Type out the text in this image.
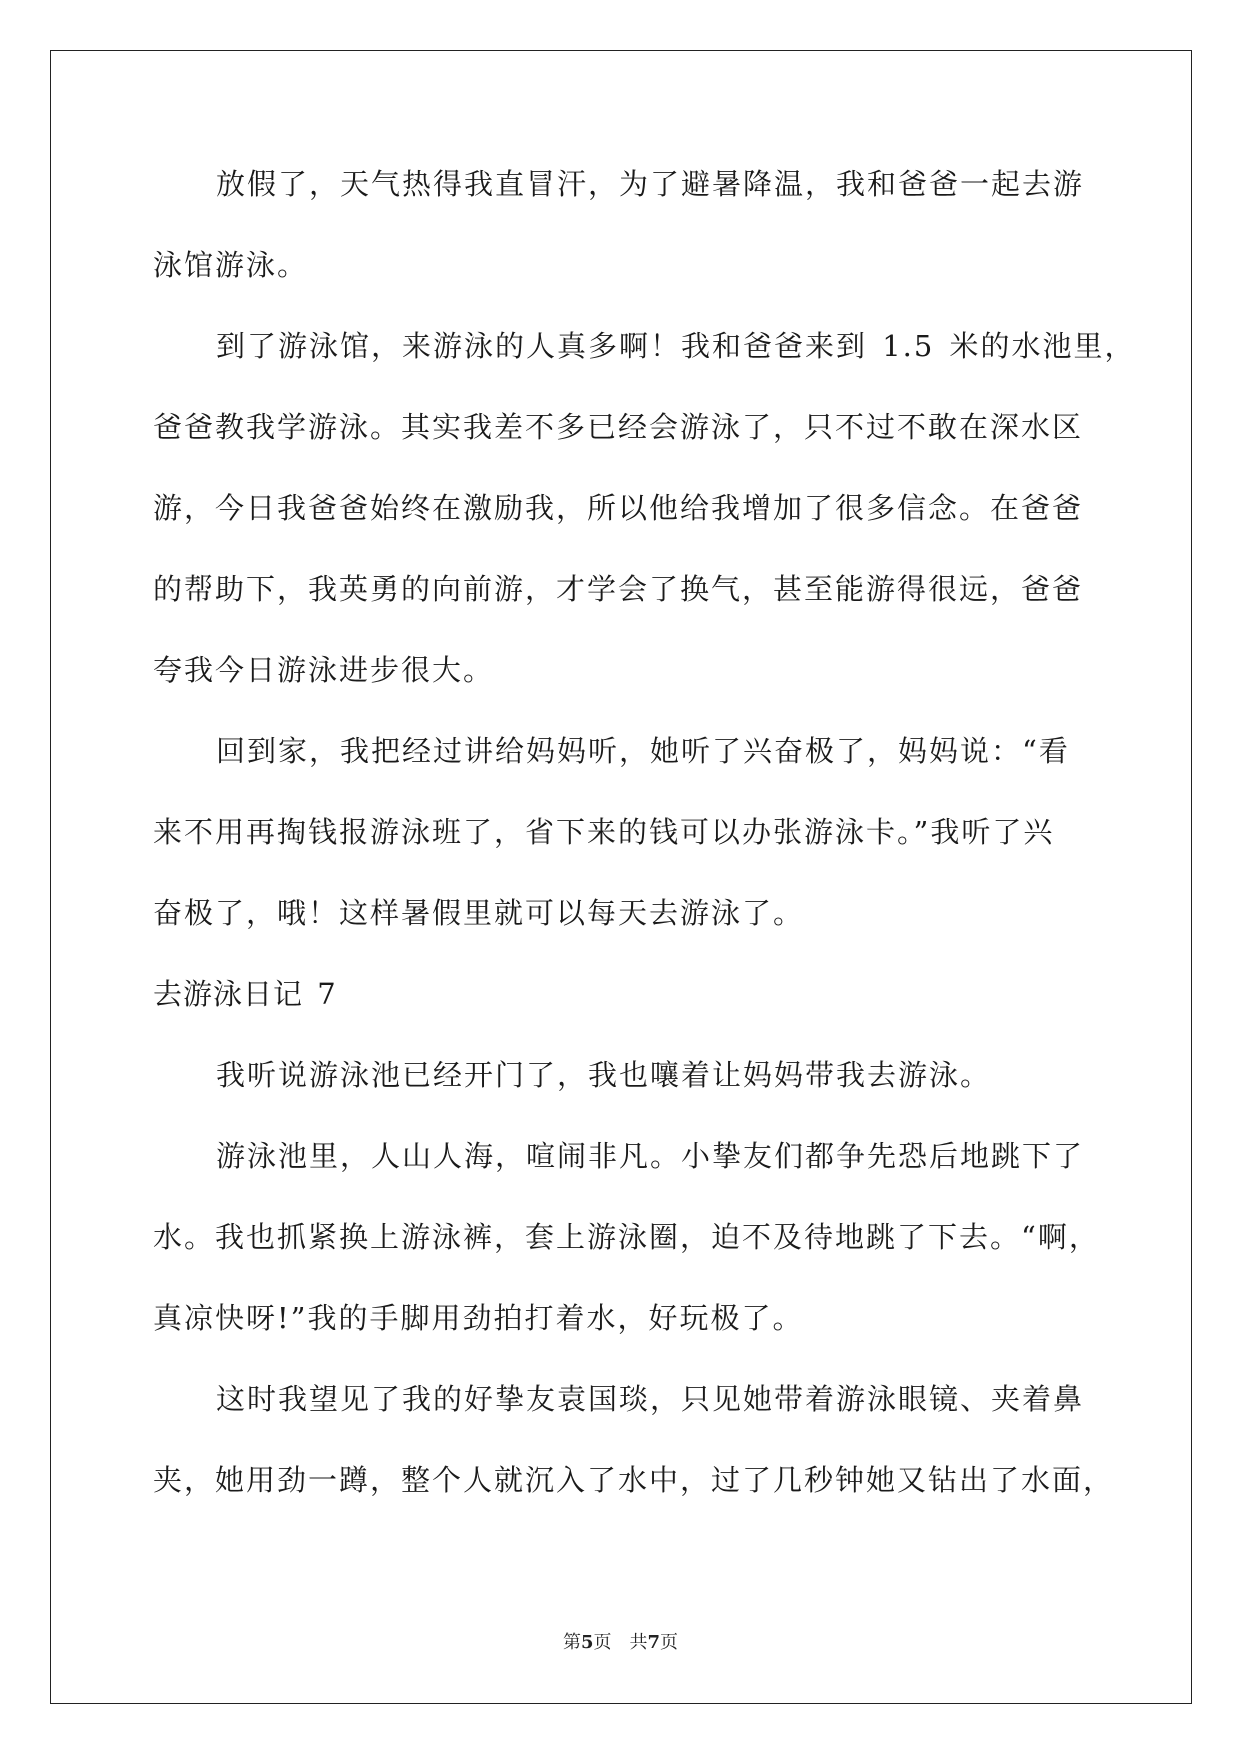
放假了，天气热得我直冒汗，为了避暑降温，我和爸爸一起去游
泳馆游泳。
到了游泳馆，来游泳的人真多啊！我和爸爸来到 1.5 米的水池里，
爸爸教我学游泳。其实我差不多已经会游泳了，只不过不敢在深水区
游，今日我爸爸始终在激励我，所以他给我增加了很多信念。在爸爸
的帮助下，我英勇的向前游，才学会了换气，甚至能游得很远，爸爸
夸我今日游泳进步很大。
回到家，我把经过讲给妈妈听，她听了兴奋极了，妈妈说：“看
来不用再掏钱报游泳班了，省下来的钱可以办张游泳卡。”我听了兴
奋极了，哦！这样暑假里就可以每天去游泳了。
去游泳日记 7
我听说游泳池已经开门了，我也嚷着让妈妈带我去游泳。
游泳池里，人山人海，喧闹非凡。小挚友们都争先恐后地跳下了
水。我也抓紧换上游泳裤，套上游泳圈，迫不及待地跳了下去。“啊，
真凉快呀!”我的手脚用劲拍打着水，好玩极了。
这时我望见了我的好挚友袁国琰，只见她带着游泳眼镜、夹着鼻
夹，她用劲一蹲，整个人就沉入了水中，过了几秒钟她又钻出了水面，
第5页 共7页
